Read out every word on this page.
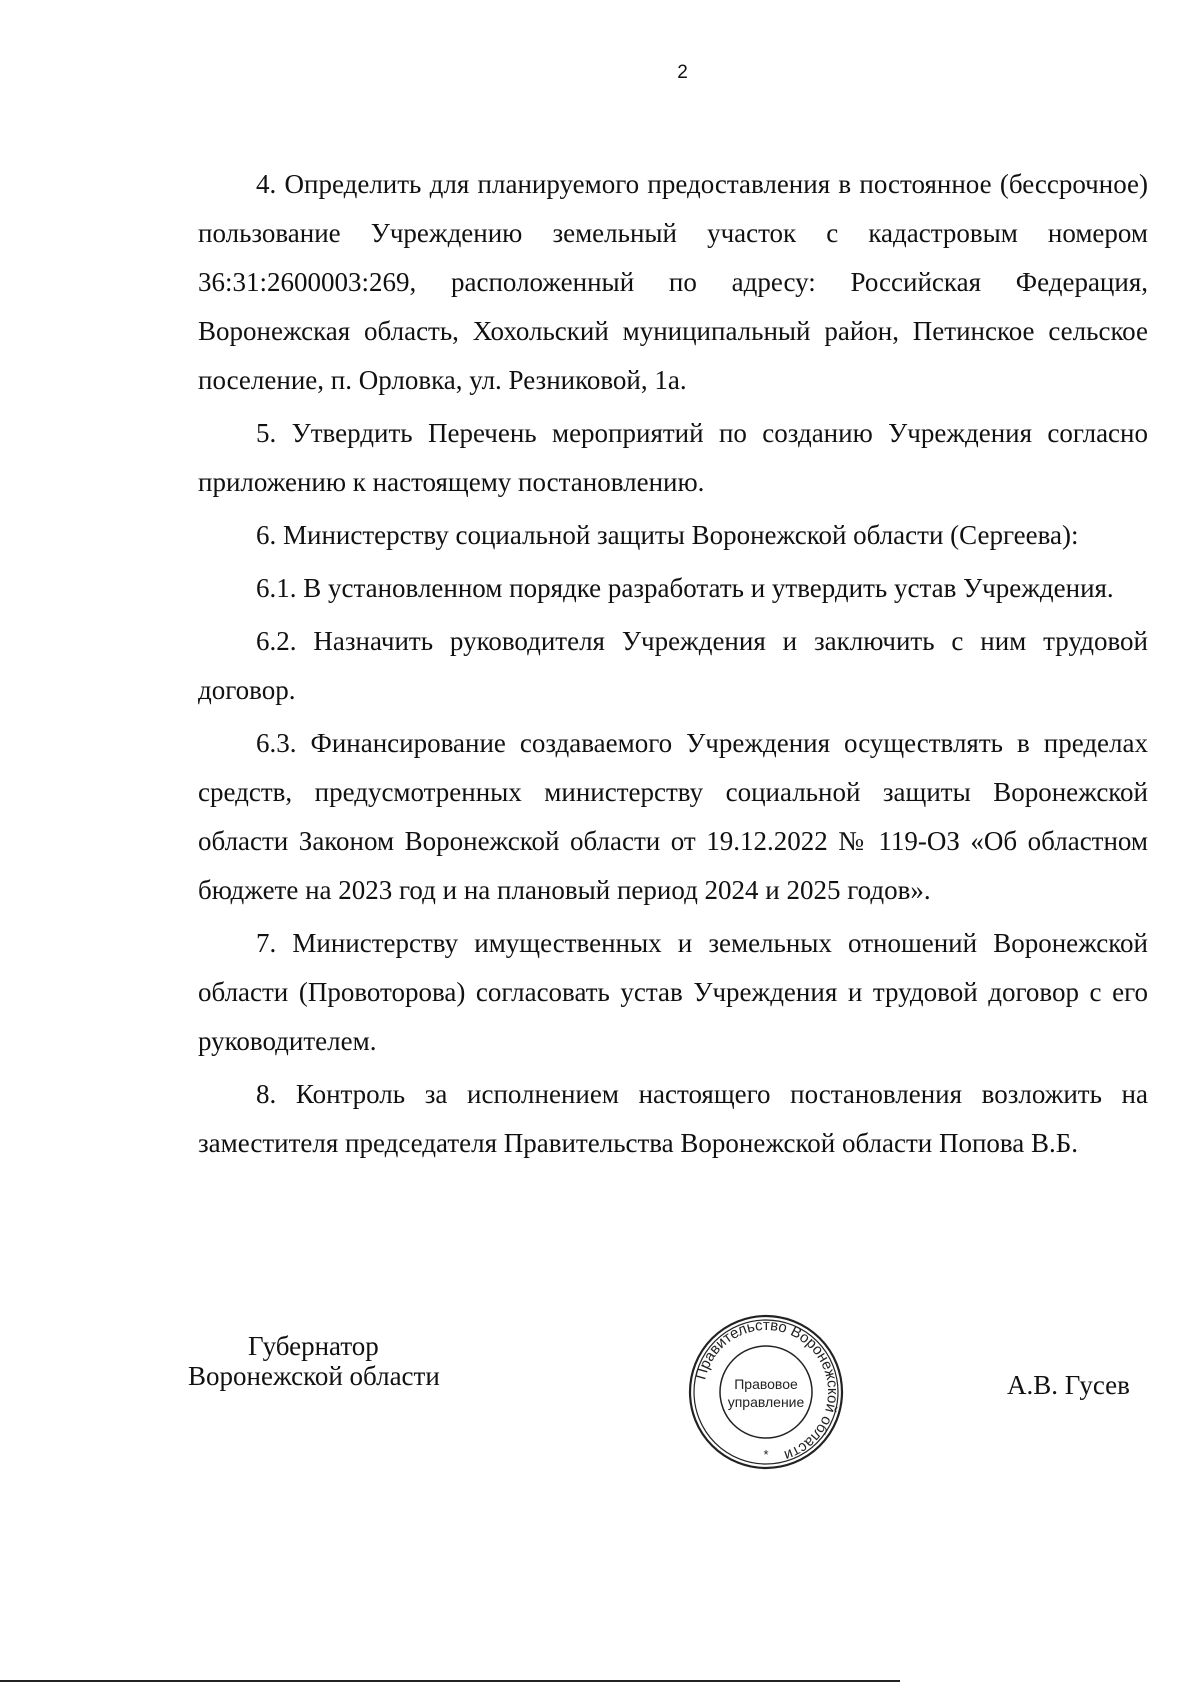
2

4. Определить для планируемого предоставления в постоянное (бессрочное) пользование Учреждению земельный участок с кадастровым номером 36:31:2600003:269, расположенный по адресу: Российская Федерация, Воронежская область, Хохольский муниципальный район, Петинское сельское поселение, п. Орловка, ул. Резниковой, 1а.

5. Утвердить Перечень мероприятий по созданию Учреждения согласно приложению к настоящему постановлению.

6. Министерству социальной защиты Воронежской области (Сергеева):

6.1. В установленном порядке разработать и утвердить устав Учреждения.

6.2. Назначить руководителя Учреждения и заключить с ним трудовой договор.

6.3. Финансирование создаваемого Учреждения осуществлять в пределах средств, предусмотренных министерству социальной защиты Воронежской области Законом Воронежской области от 19.12.2022 № 119-ОЗ «Об областном бюджете на 2023 год и на плановый период 2024 и 2025 годов».

7. Министерству имущественных и земельных отношений Воронежской области (Провоторова) согласовать устав Учреждения и трудовой договор с его руководителем.

8. Контроль за исполнением настоящего постановления возложить на заместителя председателя Правительства Воронежской области Попова В.Б.

Губернатор
Воронежской области	Правительство Воронежской области
Правовое
управление
*
А.В. Гусев
